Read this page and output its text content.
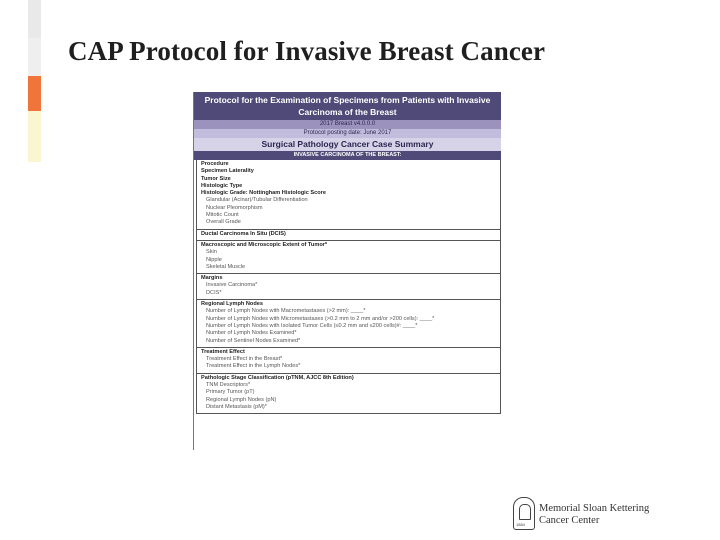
CAP Protocol for Invasive Breast Cancer
Protocol for the Examination of Specimens from Patients with Invasive Carcinoma of the Breast
2017 Breast v4.0.0.0
Protocol posting date: June 2017
Surgical Pathology Cancer Case Summary
INVASIVE CARCINOMA OF THE BREAST:
Procedure
Specimen Laterality
Tumor Size
Histologic Type
Histologic Grade: Nottingham Histologic Score
Glandular (Acinar)/Tubular Differentiation
Nuclear Pleomorphism
Mitotic Count
Overall Grade
Ductal Carcinoma In Situ (DCIS)
Macroscopic and Microscopic Extent of Tumor*
Skin
Nipple
Skeletal Muscle
Margins
Invasive Carcinoma*
DCIS*
Regional Lymph Nodes
Number of Lymph Nodes with Macrometastases (>2 mm): ____*
Number of Lymph Nodes with Micrometastases (>0.2 mm to 2 mm and/or >200 cells): ____*
Number of Lymph Nodes with Isolated Tumor Cells (≤0.2 mm and ≤200 cells)#: ____*
Number of Lymph Nodes Examined*
Number of Sentinel Nodes Examined*
Treatment Effect
Treatment Effect in the Breast*
Treatment Effect in the Lymph Nodes*
Pathologic Stage Classification (pTNM, AJCC 8th Edition)
TNM Descriptors*
Primary Tumor (pT)
Regional Lymph Nodes (pN)
Distant Metastasis (pM)*
1884
Memorial Sloan Kettering
Cancer Center
